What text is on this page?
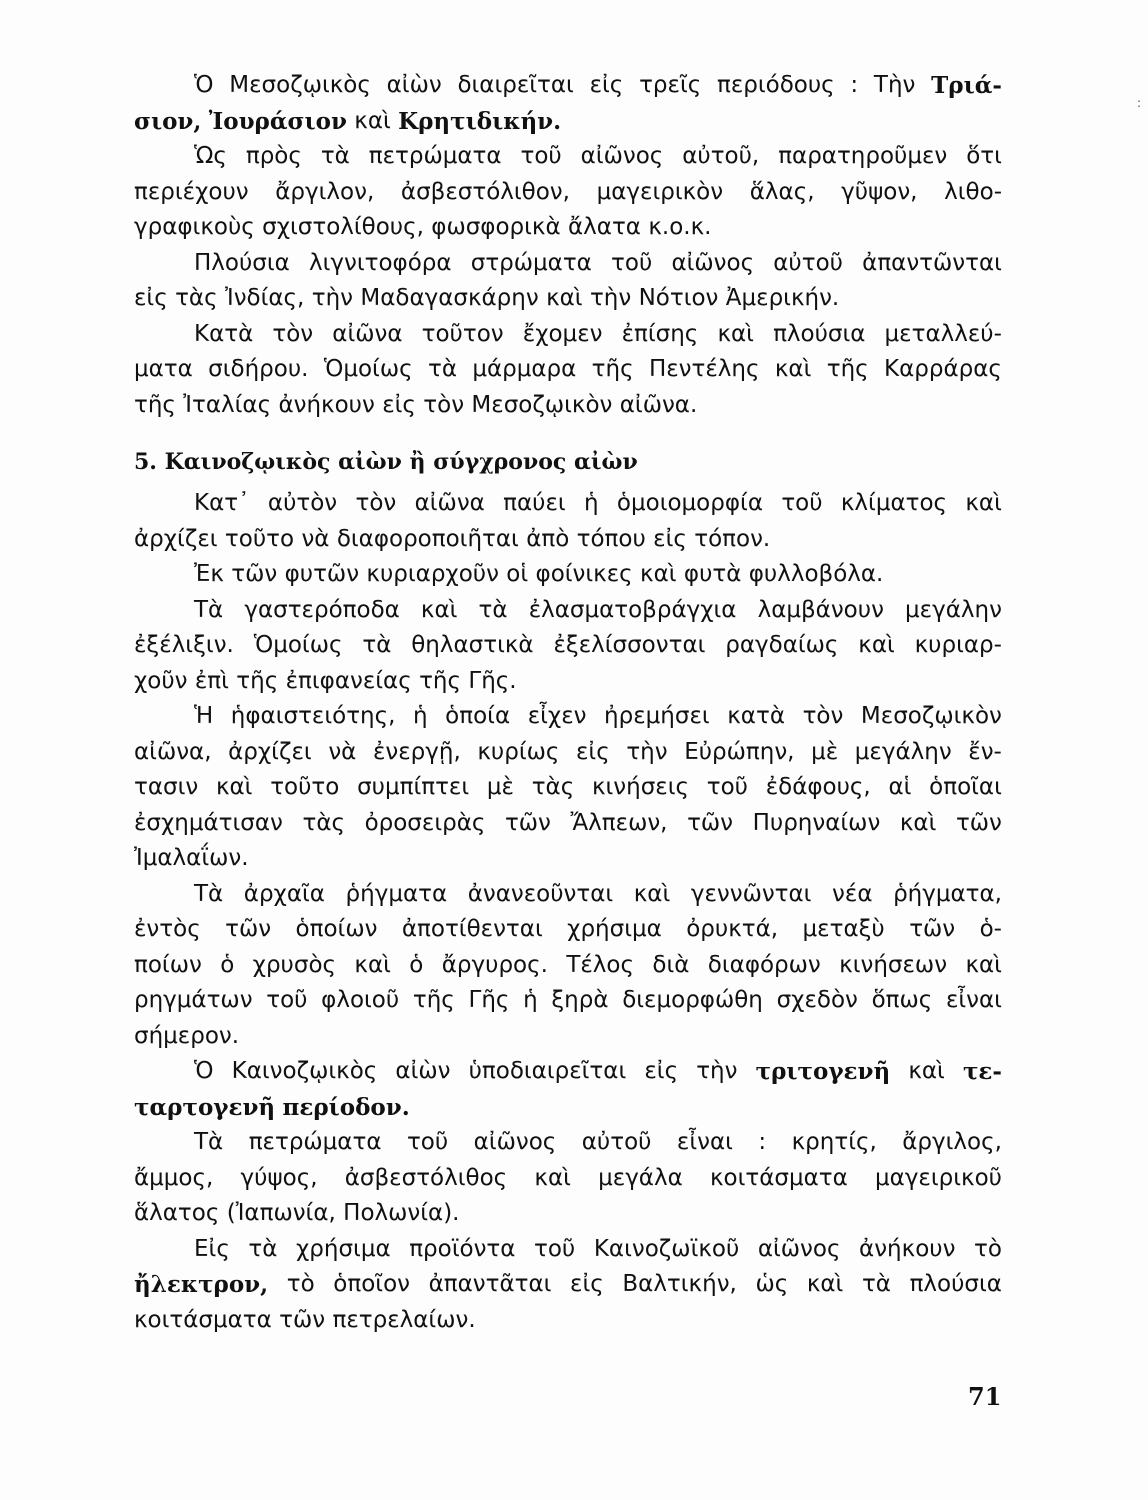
Ὁ Μεσοζῳικὸς αἰὼν διαιρεῖται εἰς τρεῖς περιόδους : Τὴν Τριά-
σιον, Ἰουράσιον καὶ Κρητιδικήν.
Ὡς πρὸς τὰ πετρώματα τοῦ αἰῶνος αὐτοῦ, παρατηροῦμεν ὅτι
περιέχουν ἄργιλον, ἀσβεστόλιθον, μαγειρικὸν ἅλας, γῦψον, λιθο-
γραφικοὺς σχιστολίθους, φωσφορικὰ ἄλατα κ.ο.κ.
Πλούσια λιγνιτοφόρα στρώματα τοῦ αἰῶνος αὐτοῦ ἀπαντῶνται
εἰς τὰς Ἰνδίας, τὴν Μαδαγασκάρην καὶ τὴν Νότιον Ἀμερικήν.
Κατὰ τὸν αἰῶνα τοῦτον ἔχομεν ἐπίσης καὶ πλούσια μεταλλεύ-
ματα σιδήρου. Ὁμοίως τὰ μάρμαρα τῆς Πεντέλης καὶ τῆς Καρράρας
τῆς Ἰταλίας ἀνήκουν εἰς τὸν Μεσοζῳικὸν αἰῶνα.
5. Καινοζῳικὸς αἰὼν ἢ σύγχρονος αἰὼν
Κατ᾽ αὐτὸν τὸν αἰῶνα παύει ἡ ὁμοιομορφία τοῦ κλίματος καὶ
ἀρχίζει τοῦτο νὰ διαφοροποιῆται ἀπὸ τόπου εἰς τόπον.
Ἐκ τῶν φυτῶν κυριαρχοῦν οἱ φοίνικες καὶ φυτὰ φυλλοβόλα.
Τὰ γαστερόποδα καὶ τὰ ἐλασματοβράγχια λαμβάνουν μεγάλην
ἐξέλιξιν. Ὁμοίως τὰ θηλαστικὰ ἐξελίσσονται ραγδαίως καὶ κυριαρ-
χοῦν ἐπὶ τῆς ἐπιφανείας τῆς Γῆς.
Ἡ ἡφαιστειότης, ἡ ὁποία εἶχεν ἠρεμήσει κατὰ τὸν Μεσοζῳικὸν
αἰῶνα, ἀρχίζει νὰ ἐνεργῇ, κυρίως εἰς τὴν Εὐρώπην, μὲ μεγάλην ἔν-
τασιν καὶ τοῦτο συμπίπτει μὲ τὰς κινήσεις τοῦ ἐδάφους, αἱ ὁποῖαι
ἐσχημάτισαν τὰς ὀροσειρὰς τῶν Ἄλπεων, τῶν Πυρηναίων καὶ τῶν
Ἰμαλαΐων.
Τὰ ἀρχαῖα ῥήγματα ἀνανεοῦνται καὶ γεννῶνται νέα ῥήγματα,
ἐντὸς τῶν ὁποίων ἀποτίθενται χρήσιμα ὀρυκτά, μεταξὺ τῶν ὁ-
ποίων ὁ χρυσὸς καὶ ὁ ἄργυρος. Τέλος διὰ διαφόρων κινήσεων καὶ
ρηγμάτων τοῦ φλοιοῦ τῆς Γῆς ἡ ξηρὰ διεμορφώθη σχεδὸν ὅπως εἶναι
σήμερον.
Ὁ Καινοζῳικὸς αἰὼν ὑποδιαιρεῖται εἰς τὴν τριτογενῆ καὶ τε-
ταρτογενῆ περίοδον.
Τὰ πετρώματα τοῦ αἰῶνος αὐτοῦ εἶναι : κρητίς, ἄργιλος,
ἄμμος, γύψος, ἀσβεστόλιθος καὶ μεγάλα κοιτάσματα μαγειρικοῦ
ἅλατος (Ἰαπωνία, Πολωνία).
Εἰς τὰ χρήσιμα προϊόντα τοῦ Καινοζωϊκοῦ αἰῶνος ἀνήκουν τὸ
ἤλεκτρον, τὸ ὁποῖον ἀπαντᾶται εἰς Βαλτικήν, ὡς καὶ τὰ πλούσια
κοιτάσματα τῶν πετρελαίων.
71
:
